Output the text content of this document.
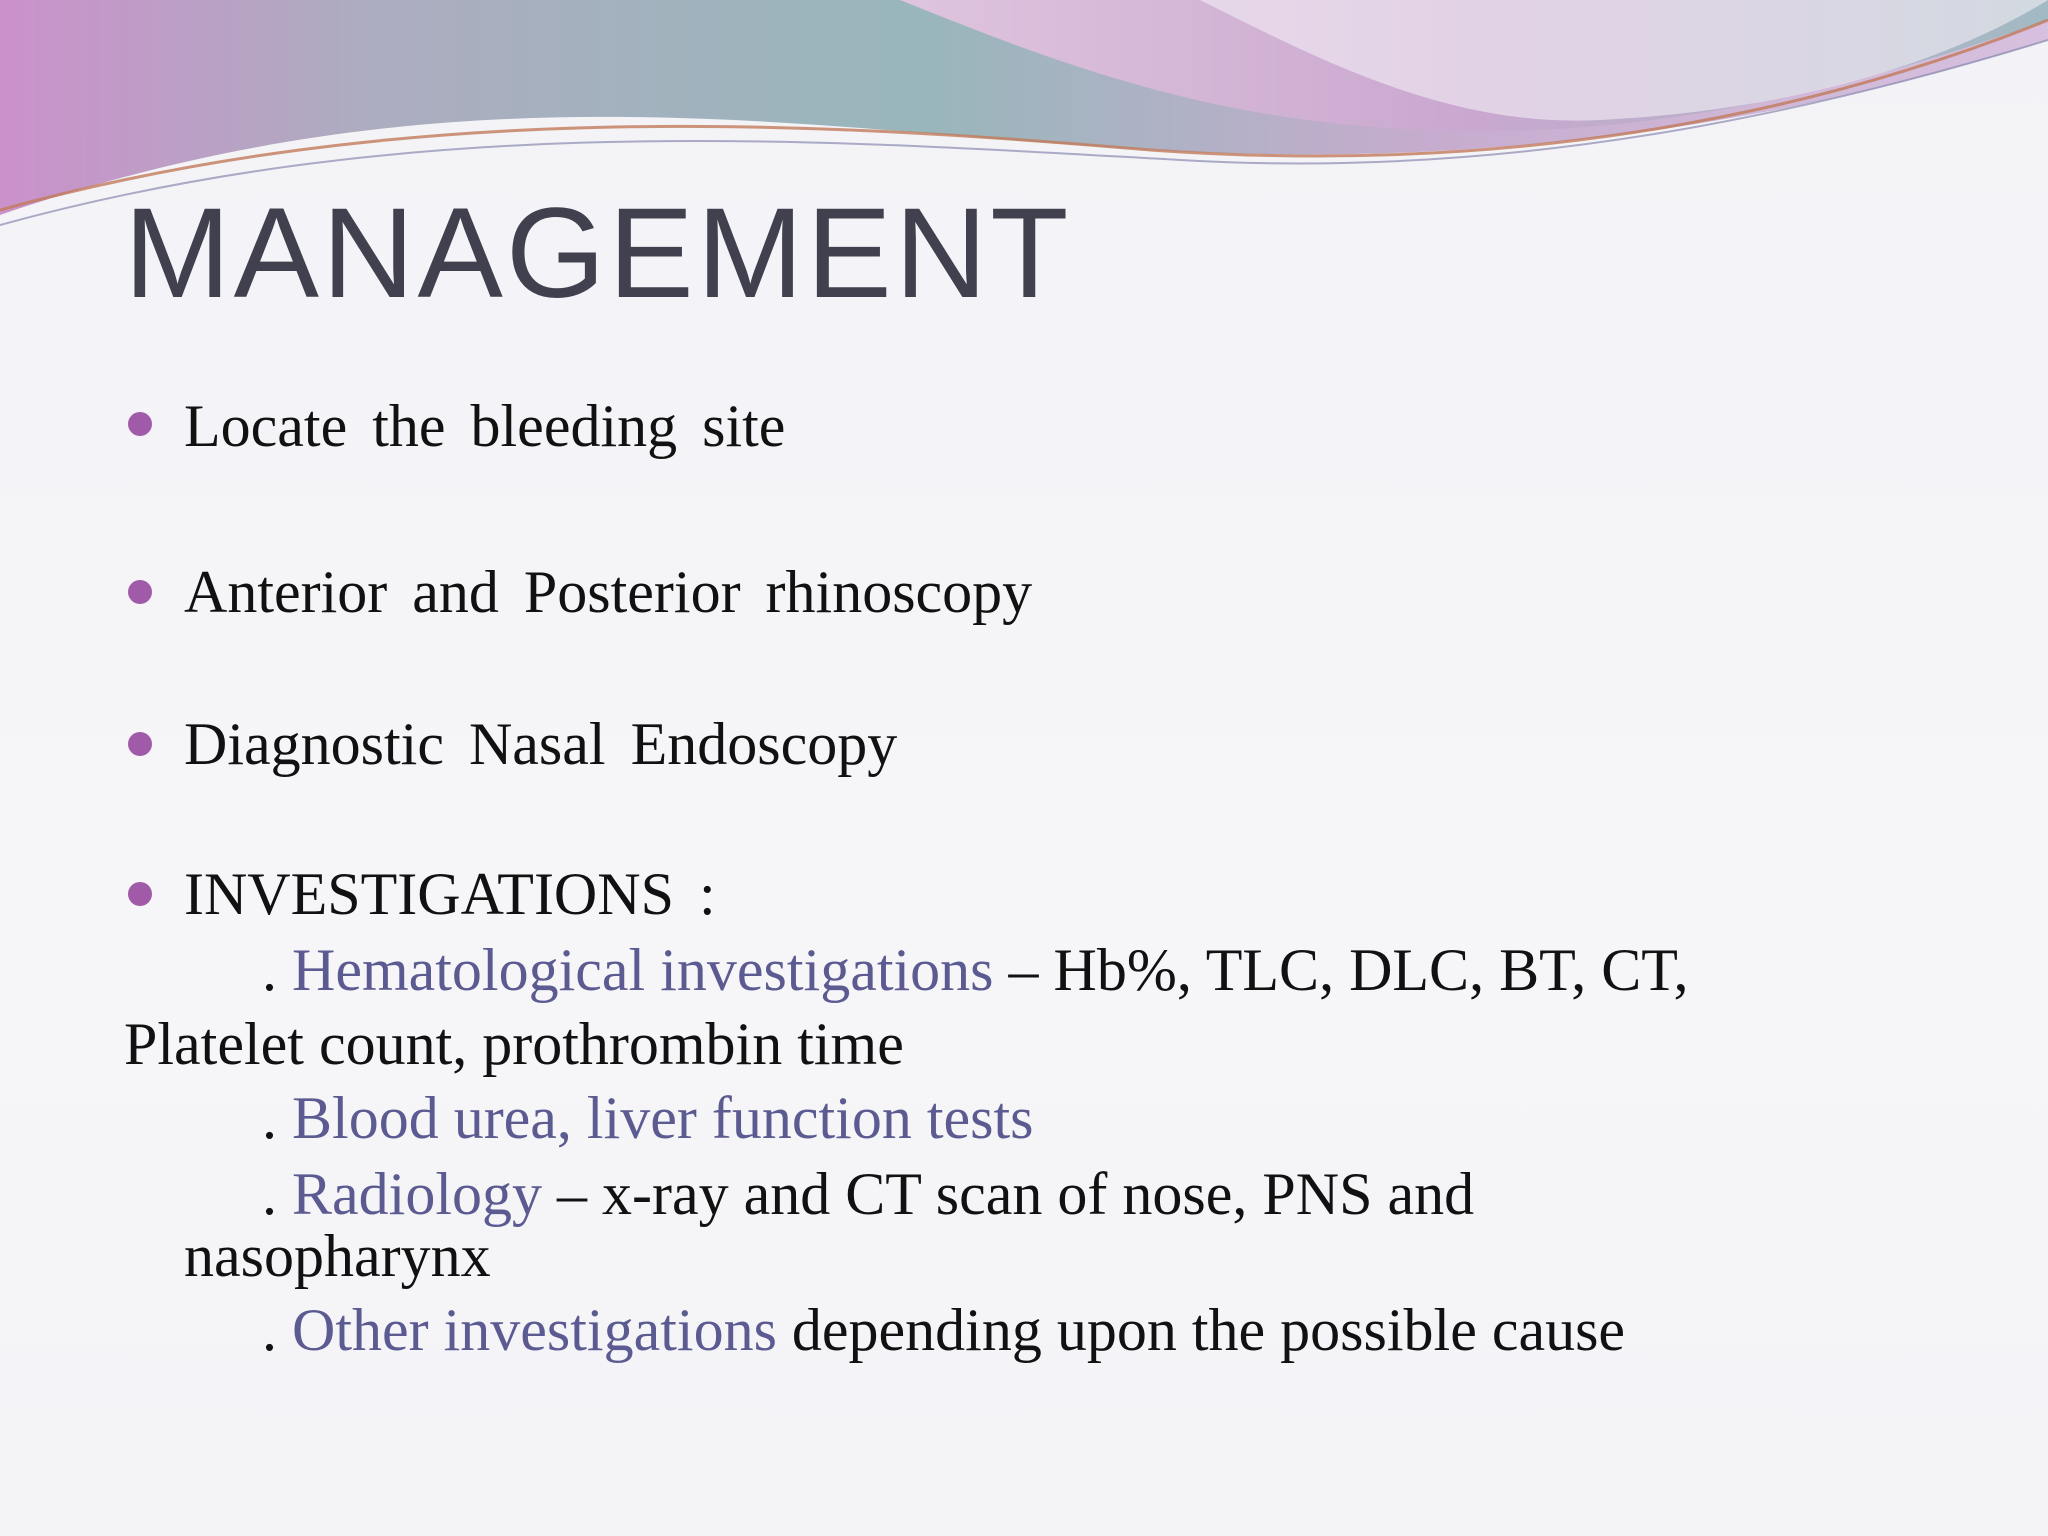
MANAGEMENT
Locate the bleeding site
Anterior and Posterior rhinoscopy
Diagnostic Nasal Endoscopy
INVESTIGATIONS :
. Hematological investigations – Hb%, TLC, DLC, BT, CT,
Platelet count, prothrombin time
. Blood urea, liver function tests
. Radiology – x-ray and CT scan of nose, PNS and
nasopharynx
. Other investigations depending upon the possible cause
